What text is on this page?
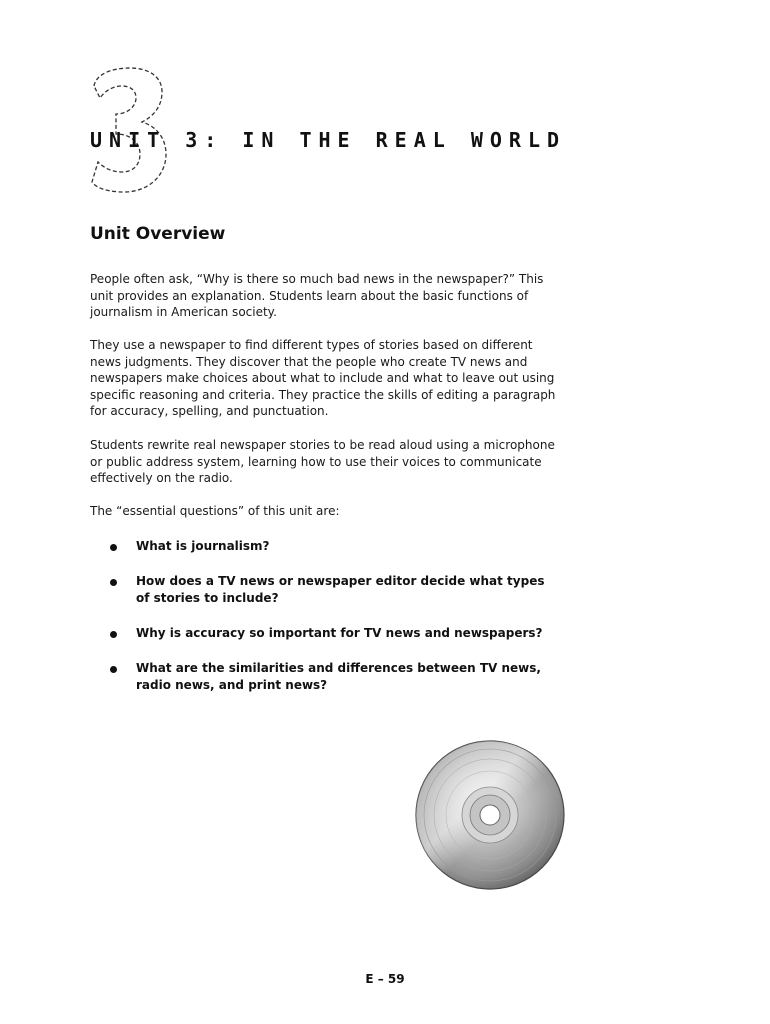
UNIT 3: IN THE REAL WORLD
Unit Overview

People often ask, “Why is there so much bad news in the newspaper?” This unit provides an explanation. Students learn about the basic functions of journalism in American society.

They use a newspaper to find different types of stories based on different news judgments. They discover that the people who create TV news and newspapers make choices about what to include and what to leave out using specific reasoning and criteria. They practice the skills of editing a paragraph for accuracy, spelling, and punctuation.

Students rewrite real newspaper stories to be read aloud using a microphone or public address system, learning how to use their voices to communicate effectively on the radio.

The “essential questions” of this unit are:

What is journalism?
How does a TV news or newspaper editor decide what types of stories to include?
Why is accuracy so important for TV news and newspapers?
What are the similarities and differences between TV news, radio news, and print news?
E – 59
